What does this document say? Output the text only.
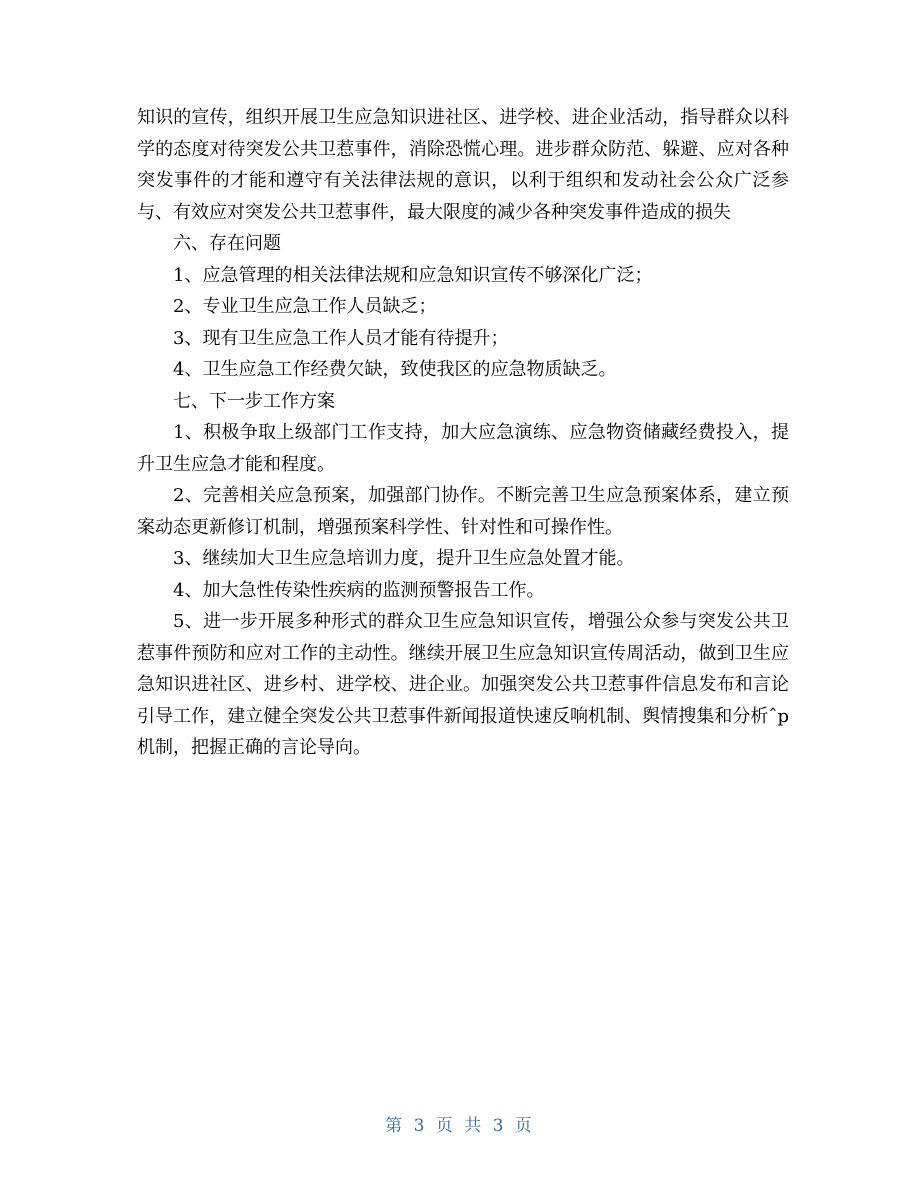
知识的宣传，组织开展卫生应急知识进社区、进学校、进企业活动，指导群众以科学的态度对待突发公共卫惹事件，消除恐慌心理。进步群众防范、躲避、应对各种突发事件的才能和遵守有关法律法规的意识，以利于组织和发动社会公众广泛参与、有效应对突发公共卫惹事件，最大限度的减少各种突发事件造成的损失

六、存在问题

1、应急管理的相关法律法规和应急知识宣传不够深化广泛；

2、专业卫生应急工作人员缺乏；

3、现有卫生应急工作人员才能有待提升；

4、卫生应急工作经费欠缺，致使我区的应急物质缺乏。

七、下一步工作方案

1、积极争取上级部门工作支持，加大应急演练、应急物资储藏经费投入，提升卫生应急才能和程度。

2、完善相关应急预案，加强部门协作。不断完善卫生应急预案体系，建立预案动态更新修订机制，增强预案科学性、针对性和可操作性。

3、继续加大卫生应急培训力度，提升卫生应急处置才能。

4、加大急性传染性疾病的监测预警报告工作。

5、进一步开展多种形式的群众卫生应急知识宣传，增强公众参与突发公共卫惹事件预防和应对工作的主动性。继续开展卫生应急知识宣传周活动，做到卫生应急知识进社区、进乡村、进学校、进企业。加强突发公共卫惹事件信息发布和言论引导工作，建立健全突发公共卫惹事件新闻报道快速反响机制、舆情搜集和分析ˆp机制，把握正确的言论导向。

第 3 页 共 3 页
